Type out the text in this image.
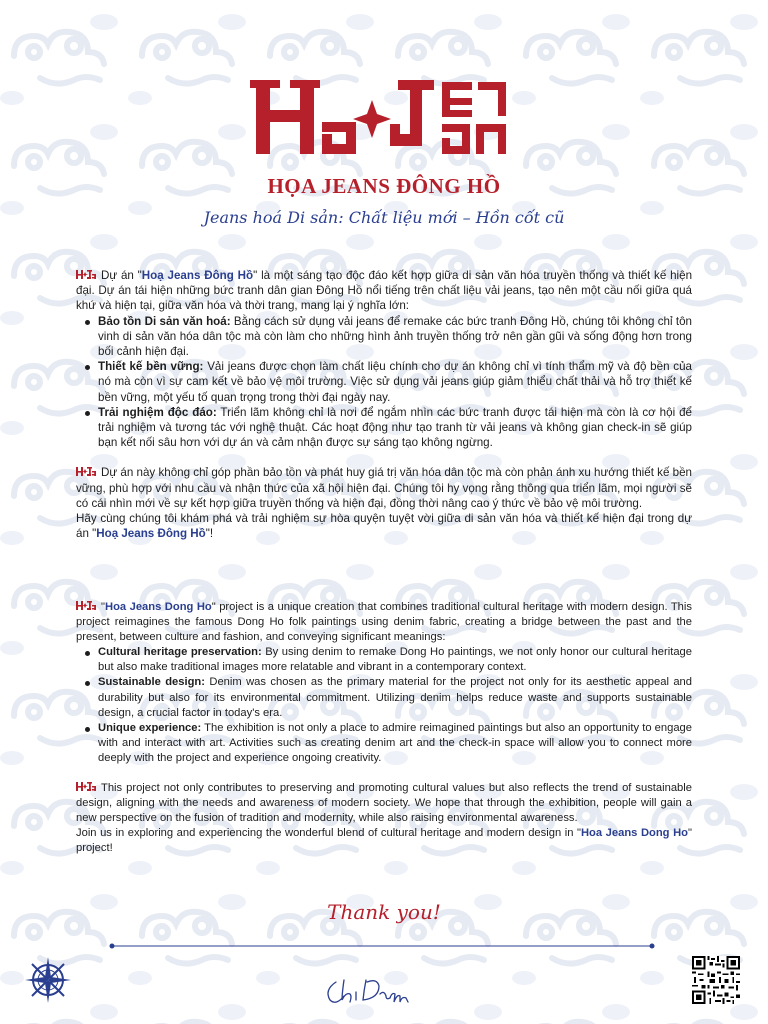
HỌA JEANS ĐÔNG HỒ
Jeans hoá Di sản: Chất liệu mới – Hồn cốt cũ

Dự án "Hoạ Jeans Đông Hồ" là một sáng tạo độc đáo kết hợp giữa di sản văn hóa truyền thống và thiết kế hiện đại. Dự án tái hiện những bức tranh dân gian Đông Hồ nổi tiếng trên chất liệu vải jeans, tạo nên một cầu nối giữa quá khứ và hiện tại, giữa văn hóa và thời trang, mang lại ý nghĩa lớn:

Bảo tồn Di sản văn hoá: Bằng cách sử dụng vải jeans để remake các bức tranh Đông Hồ, chúng tôi không chỉ tôn vinh di sản văn hóa dân tộc mà còn làm cho những hình ảnh truyền thống trở nên gần gũi và sống động hơn trong bối cảnh hiện đại.
Thiết kế bền vững: Vải jeans được chọn làm chất liệu chính cho dự án không chỉ vì tính thẩm mỹ và độ bền của nó mà còn vì sự cam kết về bảo vệ môi trường. Việc sử dụng vải jeans giúp giảm thiểu chất thải và hỗ trợ thiết kế bền vững, một yếu tố quan trọng trong thời đại ngày nay.
Trải nghiệm độc đáo: Triển lãm không chỉ là nơi để ngắm nhìn các bức tranh được tái hiện mà còn là cơ hội để trải nghiệm và tương tác với nghệ thuật. Các hoạt động như tạo tranh từ vải jeans và không gian check-in sẽ giúp bạn kết nối sâu hơn với dự án và cảm nhận được sự sáng tạo không ngừng.

Dự án này không chỉ góp phần bảo tồn và phát huy giá trị văn hóa dân tộc mà còn phản ánh xu hướng thiết kế bền vững, phù hợp với nhu cầu và nhận thức của xã hội hiện đại. Chúng tôi hy vọng rằng thông qua triển lãm, mọi người sẽ có cái nhìn mới về sự kết hợp giữa truyền thống và hiện đại, đồng thời nâng cao ý thức về bảo vệ môi trường.

Hãy cùng chúng tôi khám phá và trải nghiệm sự hòa quyện tuyệt vời giữa di sản văn hóa và thiết kế hiện đại trong dự án "Hoạ Jeans Đông Hồ"!

"Hoa Jeans Dong Ho" project is a unique creation that combines traditional cultural heritage with modern design. This project reimagines the famous Dong Ho folk paintings using denim fabric, creating a bridge between the past and the present, between culture and fashion, and conveying significant meanings:

Cultural heritage preservation: By using denim to remake Dong Ho paintings, we not only honor our cultural heritage but also make traditional images more relatable and vibrant in a contemporary context.
Sustainable design: Denim was chosen as the primary material for the project not only for its aesthetic appeal and durability but also for its environmental commitment. Utilizing denim helps reduce waste and supports sustainable design, a crucial factor in today's era.
Unique experience: The exhibition is not only a place to admire reimagined paintings but also an opportunity to engage with and interact with art. Activities such as creating denim art and the check-in space will allow you to connect more deeply with the project and experience ongoing creativity.

This project not only contributes to preserving and promoting cultural values but also reflects the trend of sustainable design, aligning with the needs and awareness of modern society. We hope that through the exhibition, people will gain a new perspective on the fusion of tradition and modernity, while also raising environmental awareness.

Join us in exploring and experiencing the wonderful blend of cultural heritage and modern design in "Hoa Jeans Dong Ho" project!

Thank you!
